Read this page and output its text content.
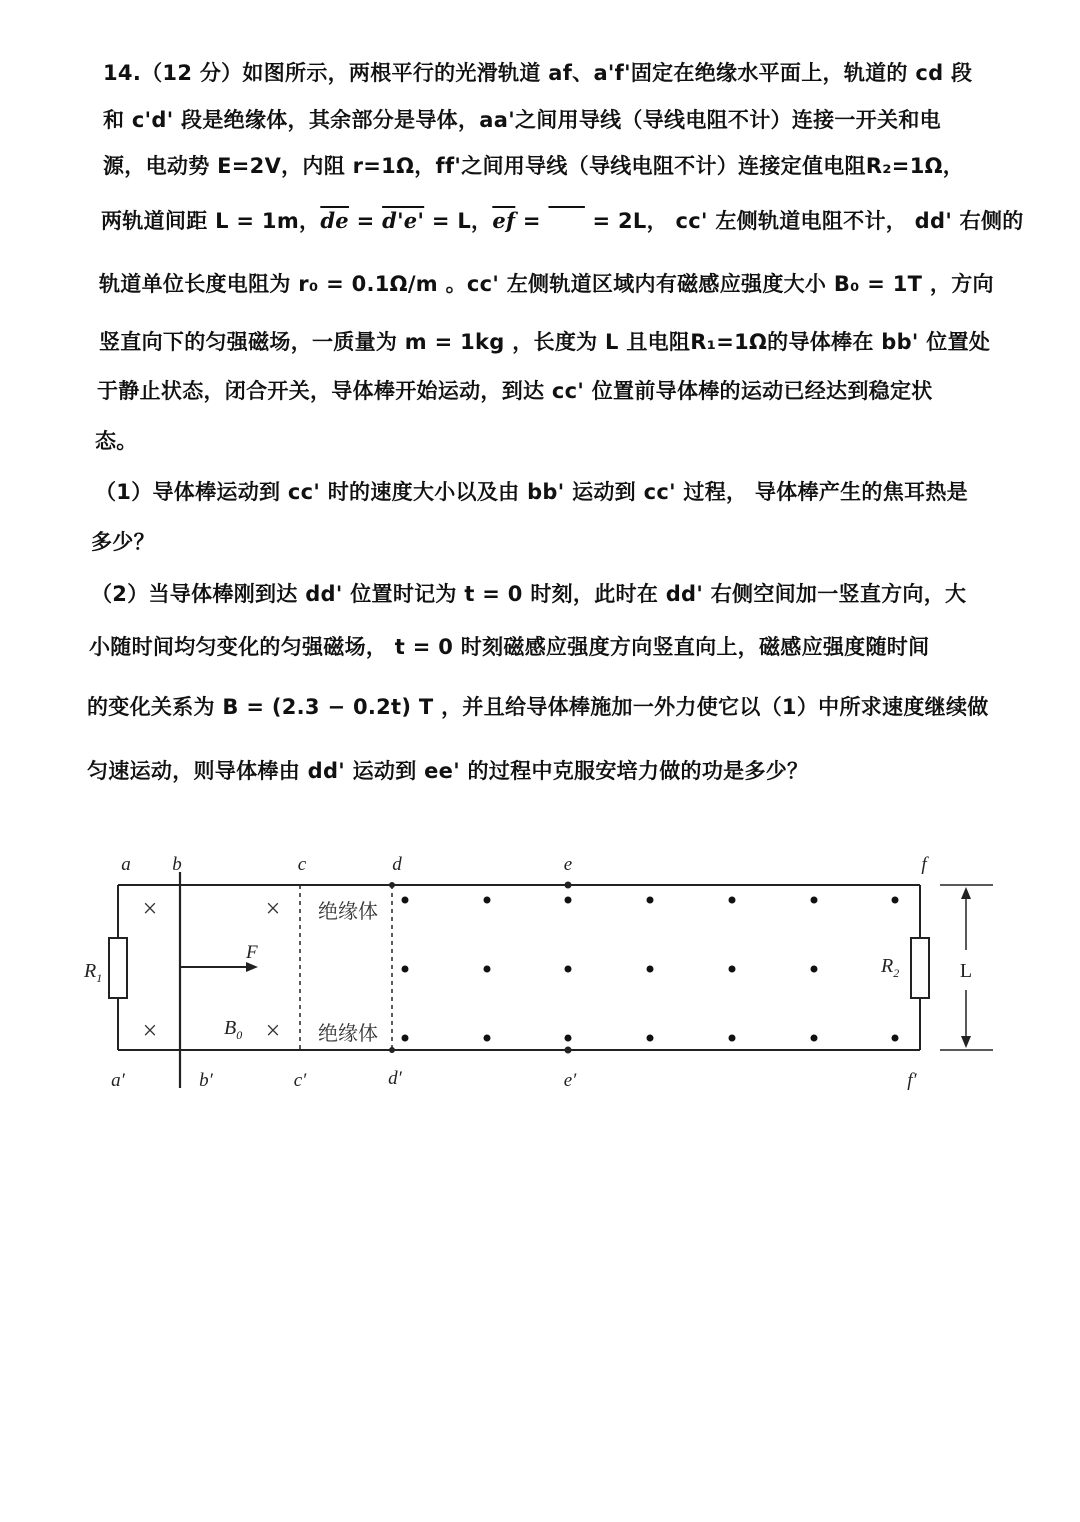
14.（12 分）如图所示，两根平行的光滑轨道 af、a'f'固定在绝缘水平面上，轨道的 cd 段
和 c'd' 段是绝缘体，其余部分是导体，aa'之间用导线（导线电阻不计）连接一开关和电
源，电动势 E=2V，内阻 r=1Ω，ff'之间用导线（导线电阻不计）连接定值电阻R₂=1Ω，
两轨道间距 L = 1m，$\overline{de} = d'e' = L$，$\overline{ef} = e'f' = 2L$， cc' 左侧轨道电阻不计， dd' 右侧的
轨道单位长度电阻为 r₀ = 0.1Ω/m 。cc' 左侧轨道区域内有磁感应强度大小 B₀ = 1T ，方向
竖直向下的匀强磁场，一质量为 m = 1kg ，长度为 L 且电阻R₁=1Ω的导体棒在 bb' 位置处
于静止状态，闭合开关，导体棒开始运动，到达 cc' 位置前导体棒的运动已经达到稳定状
态。
（1）导体棒运动到 cc' 时的速度大小以及由 bb' 运动到 cc' 过程， 导体棒产生的焦耳热是
多少？
（2）当导体棒刚到达 dd' 位置时记为 t = 0 时刻，此时在 dd' 右侧空间加一竖直方向，大
小随时间均匀变化的匀强磁场， t = 0 时刻磁感应强度方向竖直向上，磁感应强度随时间
的变化关系为 B = (2.3 − 0.2t) T ，并且给导体棒施加一外力使它以（1）中所求速度继续做
匀速运动，则导体棒由 dd' 运动到 ee' 的过程中克服安培力做的功是多少？
×	×
×	×
绝缘体
绝缘体
a b	c	d	e	f
a′	b′	c′	d′	e′	f′
$R_1$
$R_2$
F
$B_0$
L
